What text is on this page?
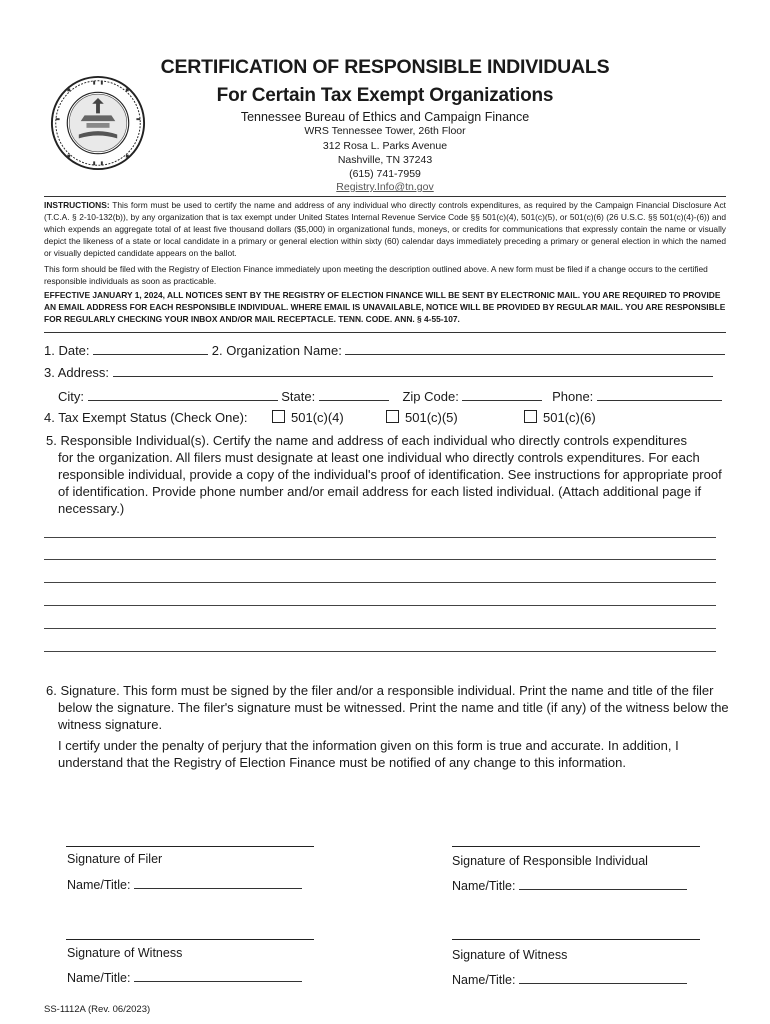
CERTIFICATION OF RESPONSIBLE INDIVIDUALS
For Certain Tax Exempt Organizations
Tennessee Bureau of Ethics and Campaign Finance
WRS Tennessee Tower, 26th Floor
312 Rosa L. Parks Avenue
Nashville, TN 37243
(615) 741-7959
Registry.Info@tn.gov
INSTRUCTIONS: This form must be used to certify the name and address of any individual who directly controls expenditures, as required by the Campaign Financial Disclosure Act (T.C.A. § 2-10-132(b)), by any organization that is tax exempt under United States Internal Revenue Service Code §§ 501(c)(4), 501(c)(5), or 501(c)(6) (26 U.S.C. §§ 501(c)(4)-(6)) and which expends an aggregate total of at least five thousand dollars ($5,000) in organizational funds, moneys, or credits for communications that expressly contain the name or visually depict the likeness of a state or local candidate in a primary or general election within sixty (60) calendar days immediately preceding a primary or general election in which the named or visually depicted candidate appears on the ballot.
This form should be filed with the Registry of Election Finance immediately upon meeting the description outlined above. A new form must be filed if a change occurs to the certified responsible individuals as soon as practicable.
EFFECTIVE JANUARY 1, 2024, ALL NOTICES SENT BY THE REGISTRY OF ELECTION FINANCE WILL BE SENT BY ELECTRONIC MAIL. YOU ARE REQUIRED TO PROVIDE AN EMAIL ADDRESS FOR EACH RESPONSIBLE INDIVIDUAL. WHERE EMAIL IS UNAVAILABLE, NOTICE WILL BE PROVIDED BY REGULAR MAIL. YOU ARE RESPONSIBLE FOR REGULARLY CHECKING YOUR INBOX AND/OR MAIL RECEPTACLE. TENN. CODE. ANN. § 4-55-107.
1. Date:	2. Organization Name:
3. Address:
City:	State:	Zip Code:	Phone:
4. Tax Exempt Status (Check One):	501(c)(4)	501(c)(5)	501(c)(6)
5. Responsible Individual(s). Certify the name and address of each individual who directly controls expenditures
for the organization. All filers must designate at least one individual who directly controls expenditures. For each responsible individual, provide a copy of the individual's proof of identification. See instructions for appropriate proof of identification. Provide phone number and/or email address for each listed individual. (Attach additional page if necessary.)
6. Signature. This form must be signed by the filer and/or a responsible individual. Print the name and title of the filer
below the signature. The filer's signature must be witnessed. Print the name and title (if any) of the witness below the witness signature.
I certify under the penalty of perjury that the information given on this form is true and accurate. In addition, I understand that the Registry of Election Finance must be notified of any change to this information.
Signature of Filer
Name/Title:
Signature of Responsible Individual
Name/Title:
Signature of Witness
Name/Title:
Signature of Witness
Name/Title:
SS-1112A (Rev. 06/2023)
